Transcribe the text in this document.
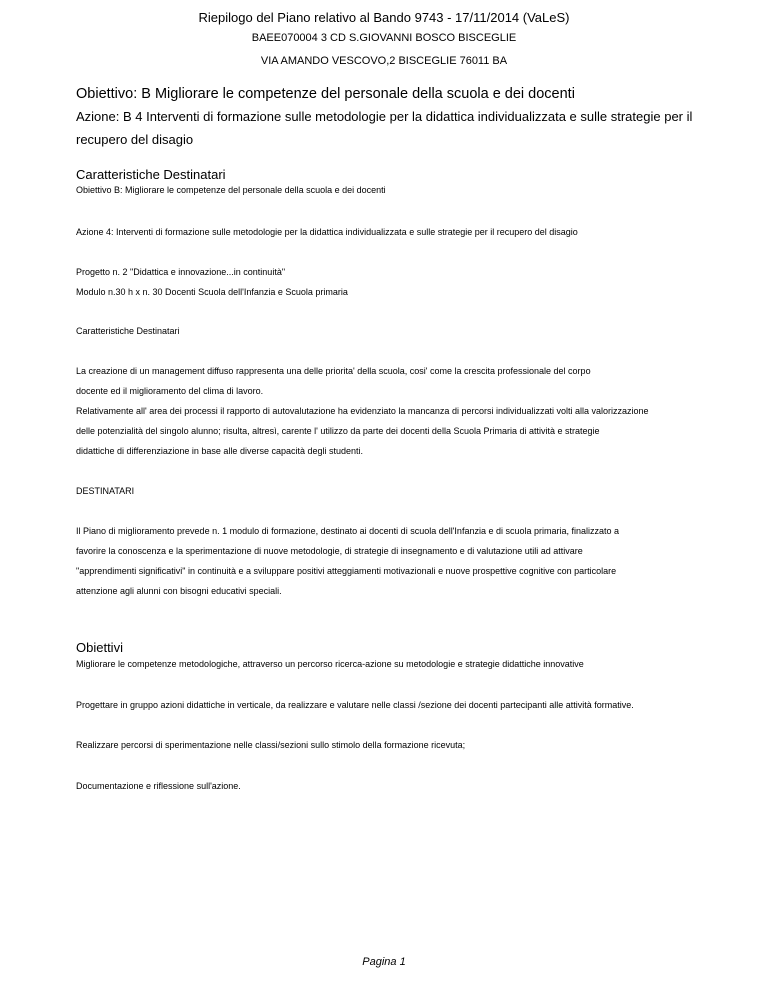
Riepilogo del Piano relativo al Bando 9743 - 17/11/2014 (VaLeS)
BAEE070004 3 CD S.GIOVANNI BOSCO BISCEGLIE
VIA AMANDO VESCOVO,2 BISCEGLIE 76011 BA
Obiettivo: B Migliorare le competenze del personale della scuola e dei docenti
Azione: B 4 Interventi di formazione sulle metodologie per la didattica individualizzata e sulle strategie per il
recupero del disagio
Caratteristiche Destinatari
Obiettivo B: Migliorare le competenze del personale della scuola e dei docenti
Azione 4: Interventi di formazione sulle metodologie per la didattica individualizzata e sulle strategie per il recupero del disagio
Progetto n. 2 "Didattica e innovazione...in continuità"
Modulo n.30 h x n. 30 Docenti Scuola dell'Infanzia e Scuola primaria
Caratteristiche Destinatari
La creazione di un management diffuso rappresenta una delle priorita' della scuola, cosi' come la crescita professionale del corpo
docente ed il miglioramento del clima di lavoro.
Relativamente all' area dei processi il rapporto di autovalutazione ha evidenziato la mancanza di percorsi individualizzati volti alla valorizzazione
delle potenzialità del singolo alunno; risulta, altresì, carente l' utilizzo da parte dei docenti della Scuola Primaria di attività e strategie
didattiche di differenziazione in base alle diverse capacità degli studenti.
DESTINATARI
Il Piano di miglioramento prevede n. 1 modulo di formazione, destinato ai docenti di scuola dell'Infanzia e di scuola primaria, finalizzato a
favorire la conoscenza e la sperimentazione di nuove metodologie, di strategie di insegnamento e di valutazione utili ad attivare
"apprendimenti significativi" in continuità e a sviluppare positivi atteggiamenti motivazionali e nuove prospettive cognitive con particolare
attenzione agli alunni con bisogni educativi speciali.
Obiettivi
Migliorare le competenze metodologiche, attraverso un percorso ricerca-azione su metodologie e strategie didattiche innovative
Progettare in gruppo azioni didattiche in verticale, da realizzare e valutare nelle classi /sezione dei docenti partecipanti alle attività formative.
Realizzare percorsi di sperimentazione nelle classi/sezioni sullo stimolo della formazione ricevuta;
Documentazione e riflessione sull'azione.
Pagina 1
